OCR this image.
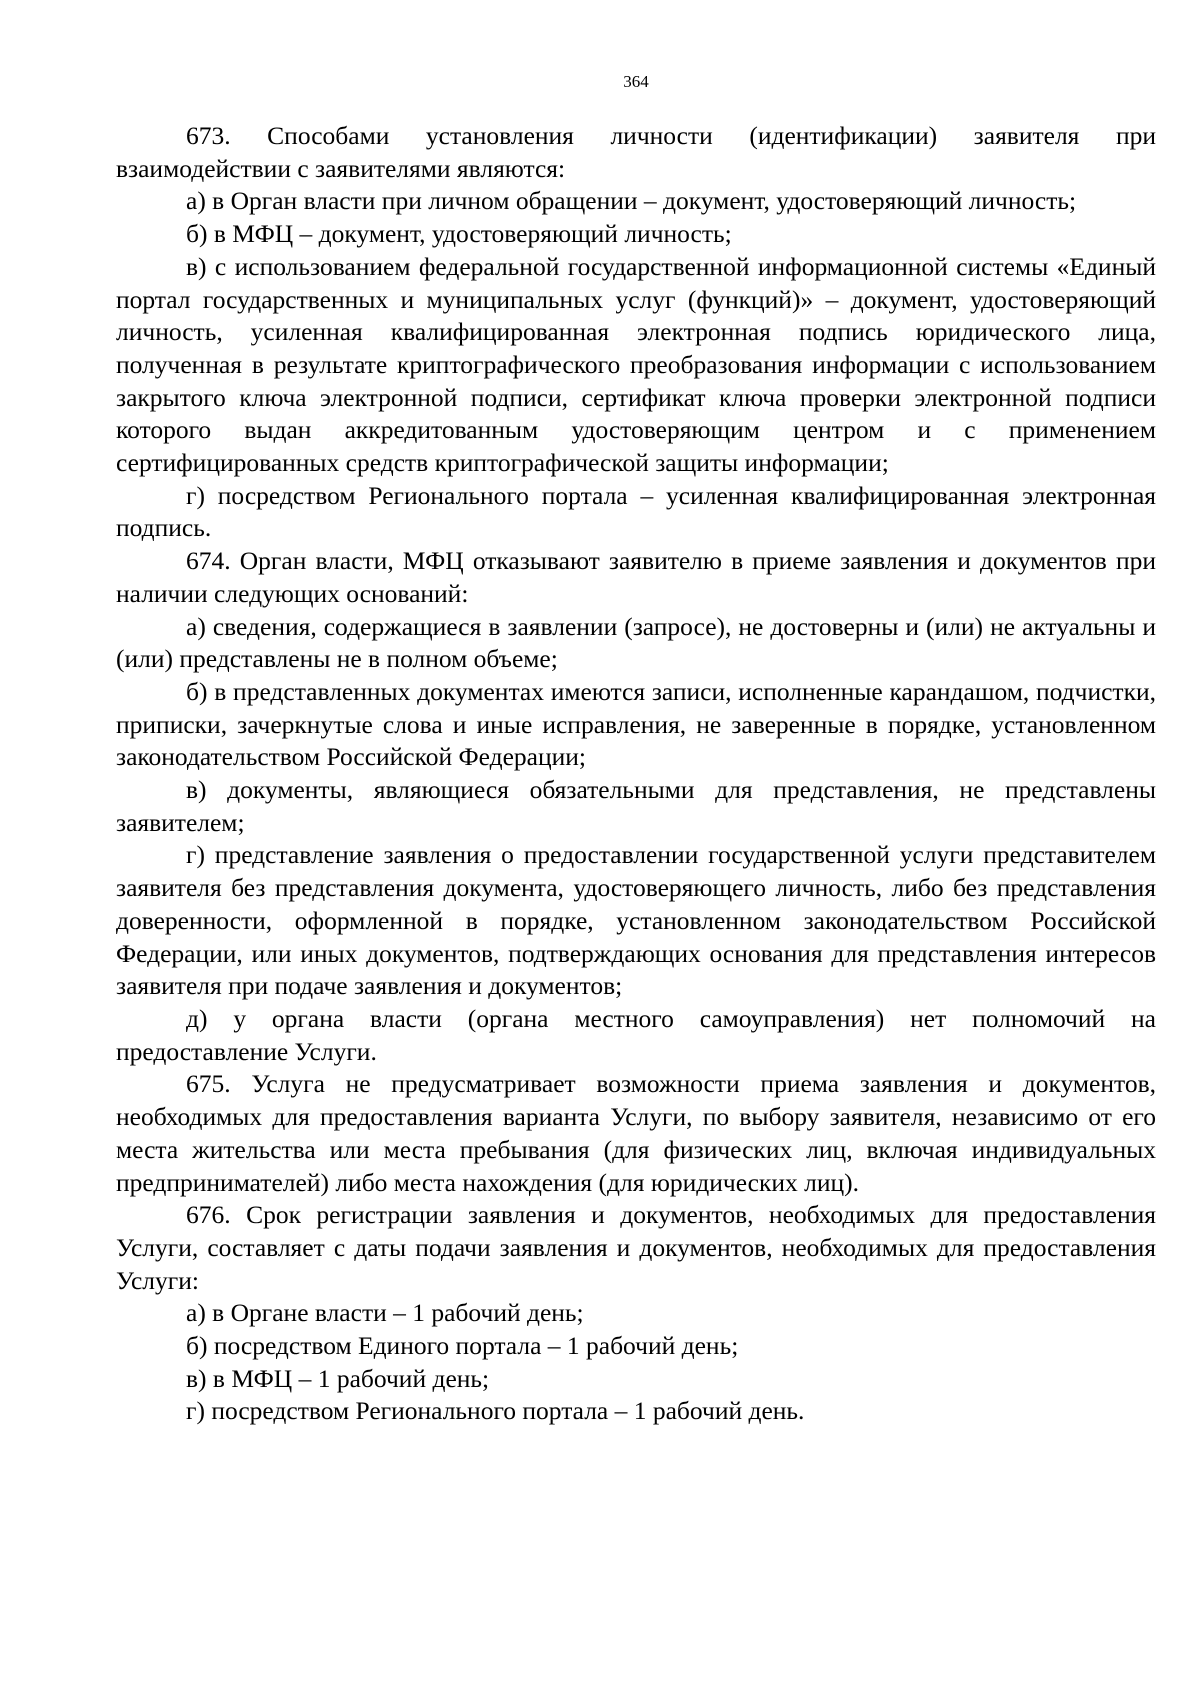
364

673. Способами установления личности (идентификации) заявителя при взаимодействии с заявителями являются:

а) в Орган власти при личном обращении – документ, удостоверяющий личность;

б) в МФЦ – документ, удостоверяющий личность;

в) с использованием федеральной государственной информационной системы «Единый портал государственных и муниципальных услуг (функций)» – документ, удостоверяющий личность, усиленная квалифицированная электронная подпись юридического лица, полученная в результате криптографического преобразования информации с использованием закрытого ключа электронной подписи, сертификат ключа проверки электронной подписи которого выдан аккредитованным удостоверяющим центром и с применением сертифицированных средств криптографической защиты информации;

г) посредством Регионального портала – усиленная квалифицированная электронная подпись.

674. Орган власти, МФЦ отказывают заявителю в приеме заявления и документов при наличии следующих оснований:

а) сведения, содержащиеся в заявлении (запросе), не достоверны и (или) не актуальны и (или) представлены не в полном объеме;

б) в представленных документах имеются записи, исполненные карандашом, подчистки, приписки, зачеркнутые слова и иные исправления, не заверенные в порядке, установленном законодательством Российской Федерации;

в) документы, являющиеся обязательными для представления, не представлены заявителем;

г) представление заявления о предоставлении государственной услуги представителем заявителя без представления документа, удостоверяющего личность, либо без представления доверенности, оформленной в порядке, установленном законодательством Российской Федерации, или иных документов, подтверждающих основания для представления интересов заявителя при подаче заявления и документов;

д) у органа власти (органа местного самоуправления) нет полномочий на предоставление Услуги.

675. Услуга не предусматривает возможности приема заявления и документов, необходимых для предоставления варианта Услуги, по выбору заявителя, независимо от его места жительства или места пребывания (для физических лиц, включая индивидуальных предпринимателей) либо места нахождения (для юридических лиц).

676. Срок регистрации заявления и документов, необходимых для предоставления Услуги, составляет с даты подачи заявления и документов, необходимых для предоставления Услуги:

а) в Органе власти – 1 рабочий день;

б) посредством Единого портала – 1 рабочий день;

в) в МФЦ – 1 рабочий день;

г) посредством Регионального портала – 1 рабочий день.
